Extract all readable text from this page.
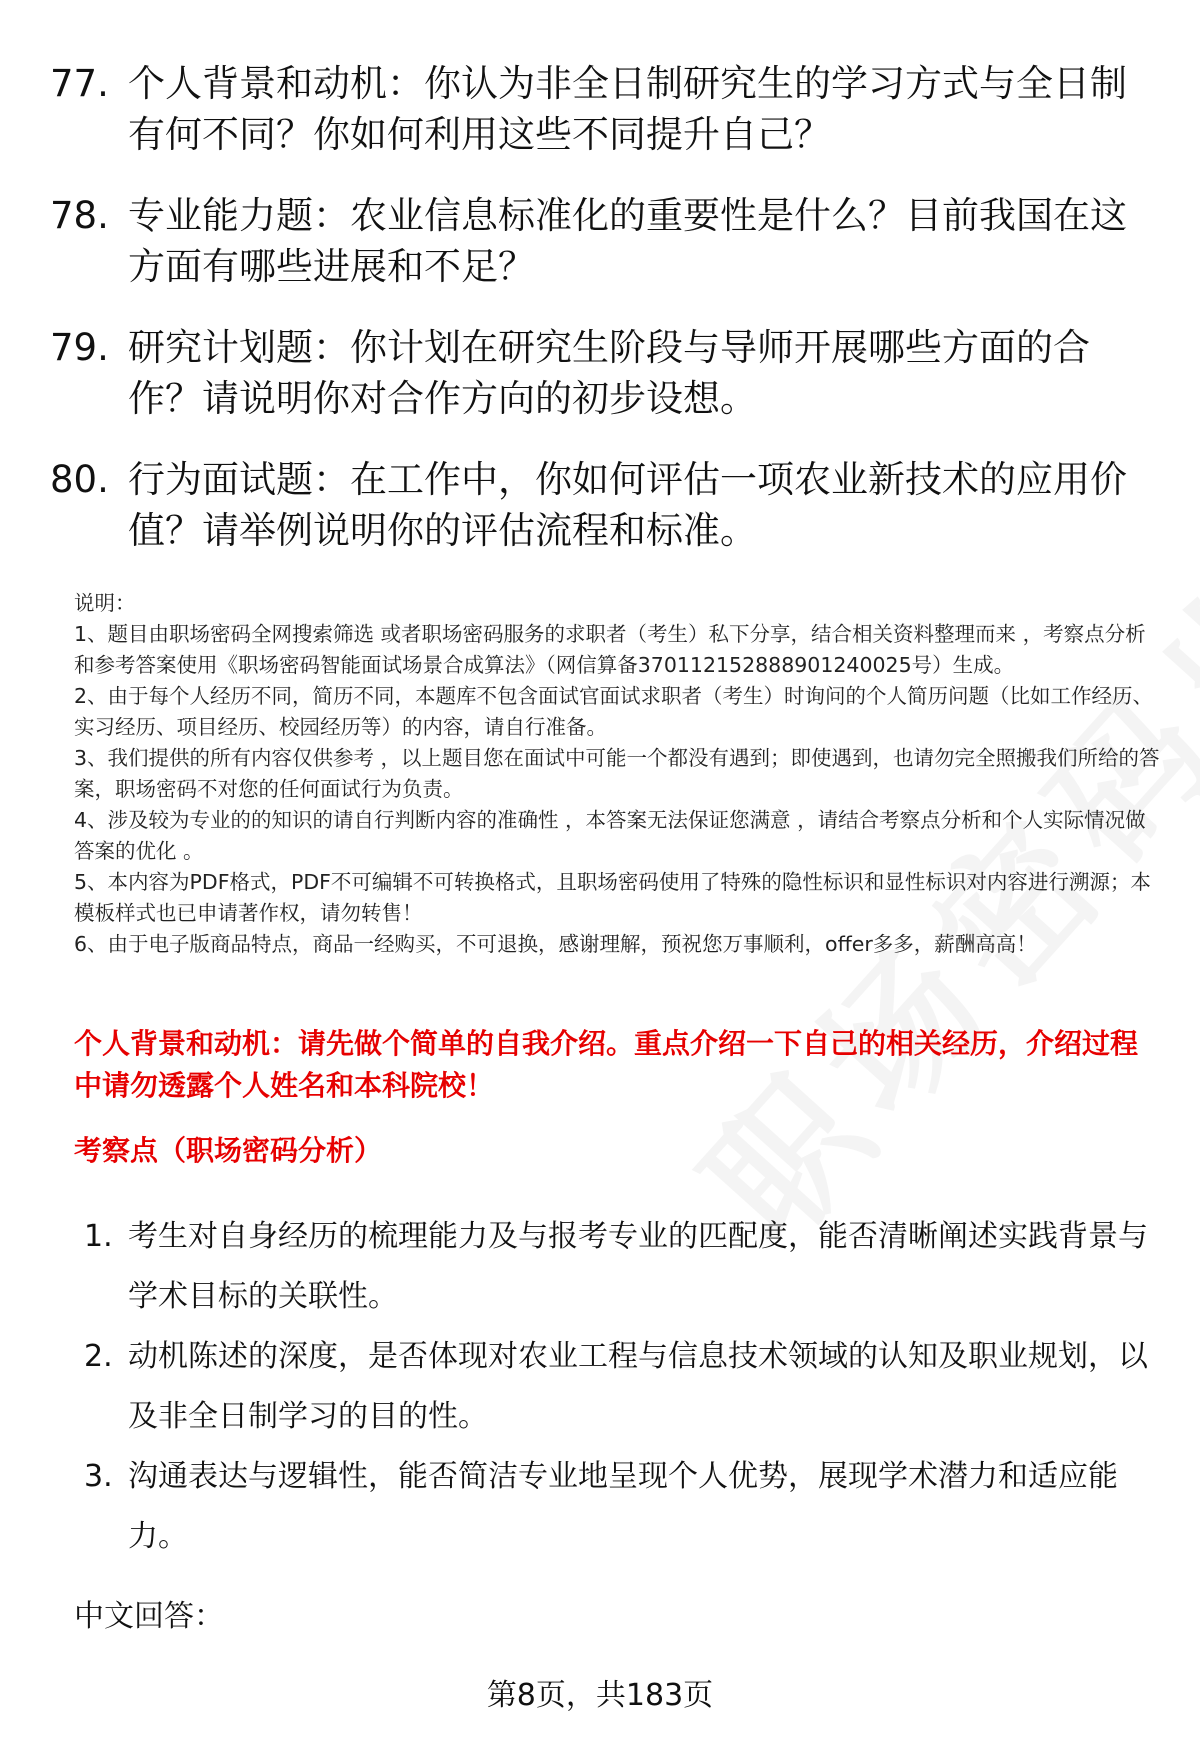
77. 个人背景和动机：你认为非全日制研究生的学习方式与全日制有何不同？你如何利用这些不同提升自己？
78. 专业能力题：农业信息标准化的重要性是什么？目前我国在这方面有哪些进展和不足？
79. 研究计划题：你计划在研究生阶段与导师开展哪些方面的合作？请说明你对合作方向的初步设想。
80. 行为面试题：在工作中，你如何评估一项农业新技术的应用价值？请举例说明你的评估流程和标准。

说明：

1、题目由职场密码全网搜索筛选 或者职场密码服务的求职者（考生）私下分享，结合相关资料整理而来 ，考察点分析和参考答案使用《职场密码智能面试场景合成算法》（网信算备370112152888901240025号）生成。

2、由于每个人经历不同，简历不同，本题库不包含面试官面试求职者（考生）时询问的个人简历问题（比如工作经历、实习经历、项目经历、校园经历等）的内容，请自行准备。

3、我们提供的所有内容仅供参考 ，以上题目您在面试中可能一个都没有遇到；即使遇到，也请勿完全照搬我们所给的答案，职场密码不对您的任何面试行为负责。

4、涉及较为专业的的知识的请自行判断内容的准确性 ，本答案无法保证您满意 ，请结合考察点分析和个人实际情况做答案的优化 。

5、本内容为PDF格式，PDF不可编辑不可转换格式，且职场密码使用了特殊的隐性标识和显性标识对内容进行溯源；本模板样式也已申请著作权，请勿转售！

6、由于电子版商品特点，商品一经购买，不可退换，感谢理解，预祝您万事顺利，offer多多，薪酬高高！

个人背景和动机：请先做个简单的自我介绍。重点介绍一下自己的相关经历，介绍过程中请勿透露个人姓名和本科院校！
考察点（职场密码分析）
1. 考生对自身经历的梳理能力及与报考专业的匹配度，能否清晰阐述实践背景与学术目标的关联性。
2. 动机陈述的深度，是否体现对农业工程与信息技术领域的认知及职业规划，以及非全日制学习的目的性。
3. 沟通表达与逻辑性，能否简洁专业地呈现个人优势，展现学术潜力和适应能力。
中文回答：
第8页，共183页
